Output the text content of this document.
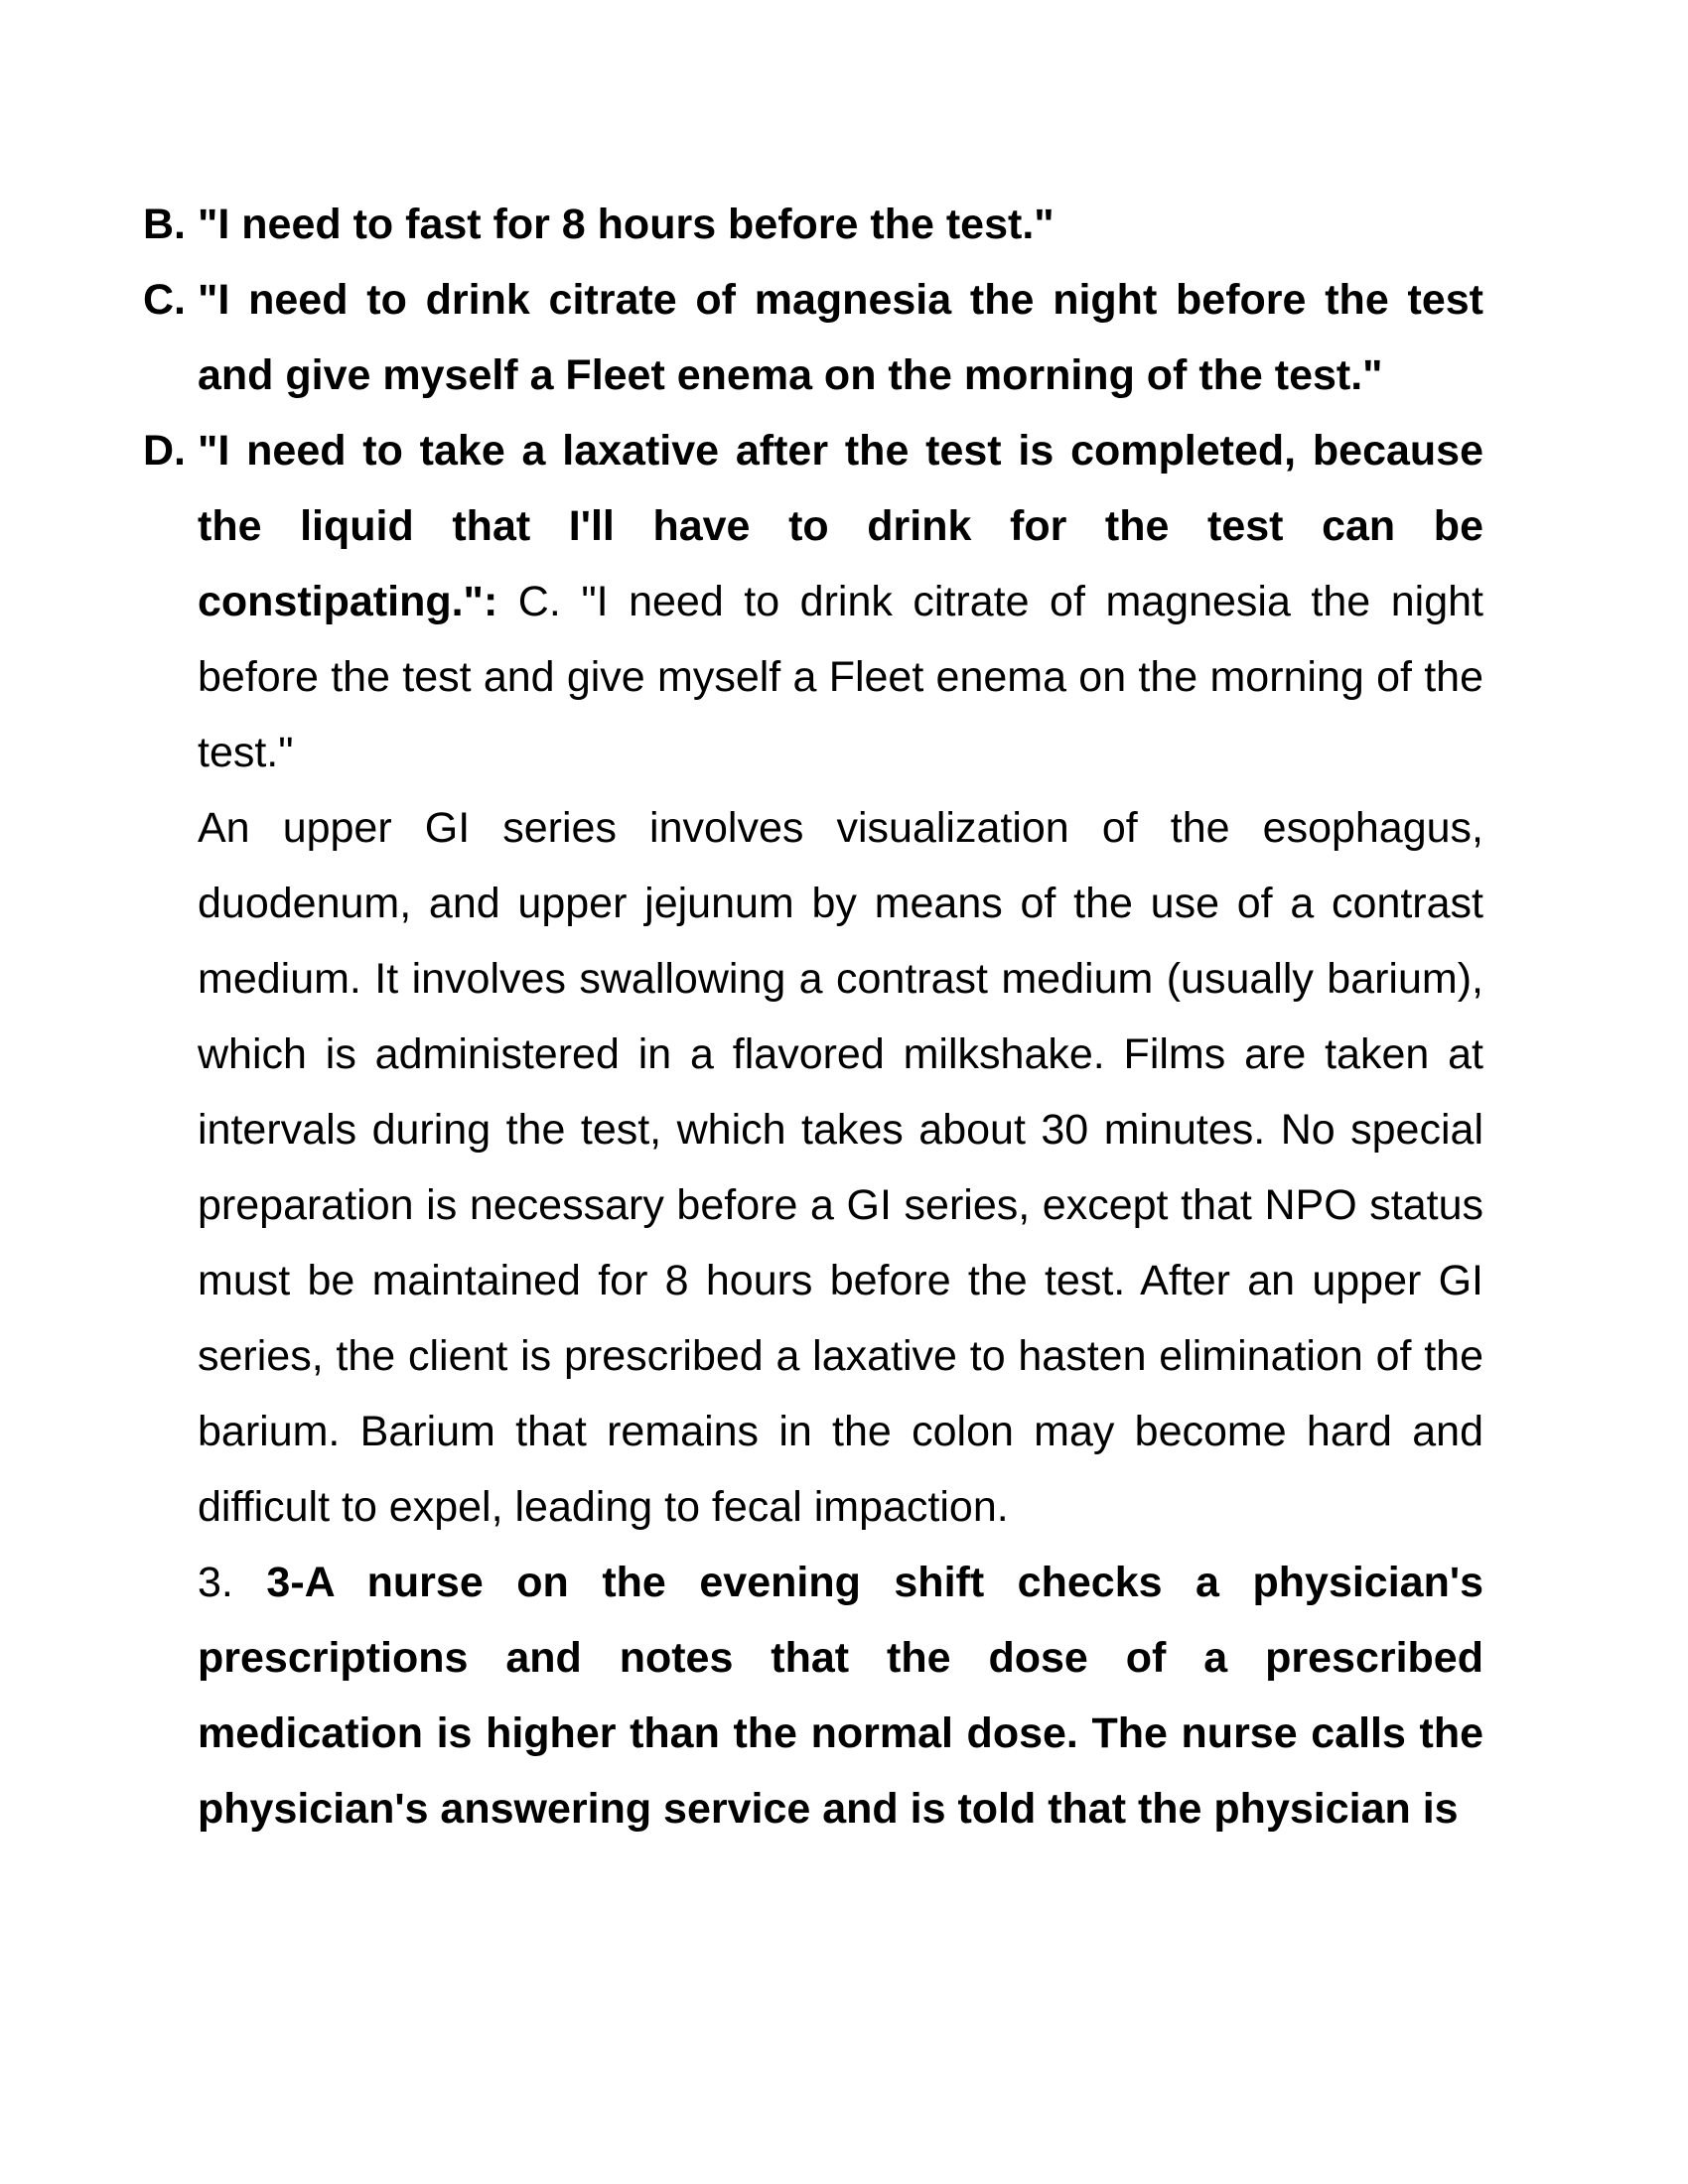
B. "I need to fast for 8 hours before the test."
C. "I need to drink citrate of magnesia the night before the test and give myself a Fleet enema on the morning of the test."
D. "I need to take a laxative after the test is completed, because the liquid that I'll have to drink for the test can be constipating.": C. "I need to drink citrate of magnesia the night before the test and give myself a Fleet enema on the morning of the test."
An upper GI series involves visualization of the esophagus, duodenum, and upper jejunum by means of the use of a contrast medium. It involves swallowing a contrast medium (usually barium), which is administered in a flavored milkshake. Films are taken at intervals during the test, which takes about 30 minutes. No special preparation is necessary before a GI series, except that NPO status must be maintained for 8 hours before the test. After an upper GI series, the client is prescribed a laxative to hasten elimination of the barium. Barium that remains in the colon may become hard and difficult to expel, leading to fecal impaction.
3. 3-A nurse on the evening shift checks a physician's prescriptions and notes that the dose of a prescribed medication is higher than the normal dose. The nurse calls the physician's answering service and is told that the physician is
